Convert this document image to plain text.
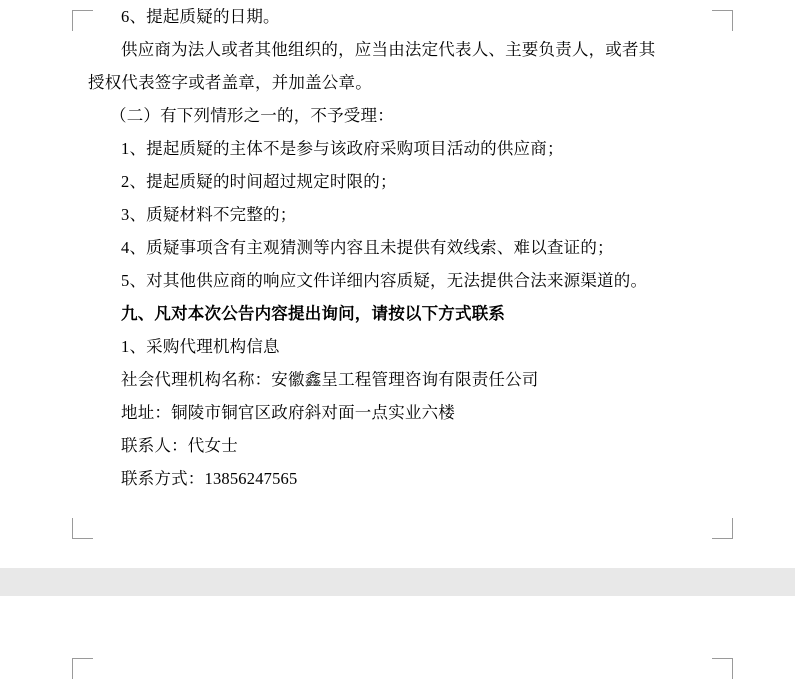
6、提起质疑的日期。

供应商为法人或者其他组织的，应当由法定代表人、主要负责人，或者其

授权代表签字或者盖章，并加盖公章。

（二）有下列情形之一的，不予受理：

1、提起质疑的主体不是参与该政府采购项目活动的供应商；

2、提起质疑的时间超过规定时限的；

3、质疑材料不完整的；

4、质疑事项含有主观猜测等内容且未提供有效线索、难以查证的；

5、对其他供应商的响应文件详细内容质疑，无法提供合法来源渠道的。

九、凡对本次公告内容提出询问，请按以下方式联系

1、采购代理机构信息

社会代理机构名称：安徽鑫呈工程管理咨询有限责任公司

地址：铜陵市铜官区政府斜对面一点实业六楼

联系人：代女士

联系方式：13856247565
